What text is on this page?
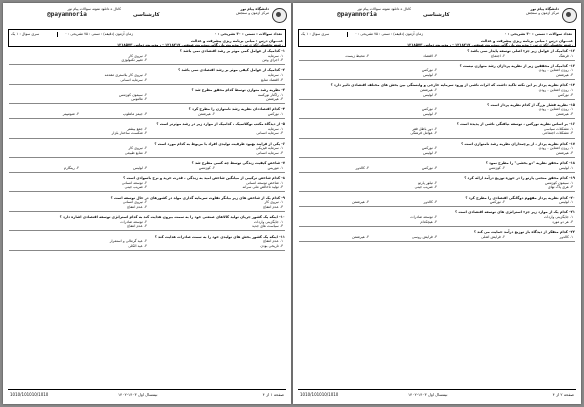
کانال ه دانلود نمونه سوالات پیام نور
@payamnoria	کارشناسی
دانشگاه پیام نور
مرکز آزمون و سنجش
سری سوال : ۱ یک	زمان آزمون (دقیقه) : تستی : ۷۵ تشریحی : ۰	تعداد سوالات : تستی : ۳۰ تشریحی : ۰
عنـــوان درس : مبانی برنامه ریزی پیشرفت و عدالت
رشته تحصیلی/کد درس : مدیریت بازرگانی،مدیریت صنعتی ۱۲۱۸۲۱۷ - ، مدیریت دولتی ۱۲۱۸۵۷۳
۱- کدامیک از عوامل کمی موثر بر رشد اقتصادی نمی باشد ؟
۱. سرمایه
۲. نیروی کار
۳. اجرای ومن
۴. تغییر تکنولوژی
۲- کدامیک از عوامل کیفی موثر بر رشد اقتصادی نمی باشد ؟
۱. سرمایه
۲. نیروی کار بلاستری مقدمه
۳. اقتصاد منابع
۴. سرمایه انسانی
۳- نظریه رشد متوازن توسط کدام محقق مطرح شد ؟
۱. راگنار نورکسه
۲. سیمون کوزنتس
۳. هیرشمن
۴. مالتوس
۴- کدام اقتصاددان نظریه رشد نامتوازن را مطرح کرد ؟
۱. نورکس
۲. هیرشمن
۳. جیمز ماهلوپ
۴. شومپیتر
۵- از دیدگاه مکتب نوکلاسیک ، کدامیک از موارد زیر در رشد موثرتر است ؟
۱. سرمایه
۲. جمع بیشتر
۳. سرمایه انسانی
۴. شکست ساختار بلزار
۶- یکی از فرایند بهبود ظرفیت تولیدی افراد با مربوط به کدام مورد است ؟
۱. سرمایه فیزیکی
۲. نیروی کار
۳. سرمایه انسانی
۴. منابع طبیعی
۷- شاخص کیفیت زندگی توسط چه کسی مطرح شد ؟
۱. موریس
۲. کوزنتس
۳. لوئیس
۴. رینگارم
۸- کدام شاخص ترکیبی از میانگین شاخص امید به زندگی ، قدرت خرید و نرخ باسوادی است ؟
۱. شاخص توسعه انسانی
۲. توسعه انسانی
۳. تولید ناخالص ملی سرانه
۴. ضریب جینی
۹- کدام یک از شاخص های زیر بیانگر تفاوت سرمایه گذاری مولد در کشورهای در حال توسعه است ؟
۱. نیروی کار
۲. نیروی انسانی
۳. عدم انتفاع
۴. عدم انتفاع
۱۰- اینکه یک کشور جریان تولید کالاهای صنعتی خود را به سمت بیرون هدایت کند به کدام استراتژی توسعه اقتصادی اشاره دارد ؟
۱. جایگزینی واردات
۲. توسعه صادرات
۳. سیاست های جدید
۴. عدم انتفاع
۱۱- اینکه یک کشور بخش های تولیدی خود را به سمت صادرات هدایت کند ؟
۱. عدم انتفاع
۲. عید گرمالی و استمرار
۳. تاریخی بودن
۴. عید الکلی
1010/101010/1010	نیمسال اول ۱۴۰۳-۱۴۰۲	صفحه ۱ از ۴
کانال ه دانلود نمونه سوالات پیام نور
@payamnoria	کارشناسی
دانشگاه پیام نور
مرکز آزمون و سنجش
سری سوال : ۱ یک	زمان آزمون (دقیقه) : تستی : ۷۵ تشریحی : ۰	تعداد سوالات : تستی : ۳۰ تشریحی : ۰
عنـــوان درس : مبانی برنامه ریزی پیشرفت و عدالت
رشته تحصیلی/کد درس : مدیریت بازرگانی،مدیریت صنعتی ۱۲۱۸۲۱۷ - ، مدیریت دولتی ۱۲۱۸۵۷۳
۱۲- کدامیک از عوامل زیر جزء اصلی توسعه پایدار نمی باشد ؟
۱. فرهنگ
۲. اجتماع
۳. اقتصاد
۴. محیط زیست
۱۳- کدامیک از محققین زیر از نظریه پردازان رشد متوازن نیست ؟
۱. روزن اشتاین - رودن
۲. نورکس
۳. هیرشمن
۴. لوئیس
۱۴- کدام نظریه پرداز بر این نکته تاکید داشت که اثرات ناشی از ورود سرمایه خارجی و وابستگی بین بخش های مختلف اقتصادی تاثیر دارد ؟
۱. روزن اشتاین - رودن
۲. هیرشمن
۳. نورکس
۴. لوئیس
۱۵- نظریه فشار بزرگ از کدام نظریه پرداز است ؟
۱. روزن اشتاین - رودن
۲. نورکس
۳. هیرشمن
۴. لوئیس
۱۶- بر اساس نظریه نورکس ، توسعه نیافتگی ناشی از پدیده است ؟
۱. مشکلات سیاسی
۲. دور باطل فقر
۳. مشکلات اجتماعی
۴. عوامل فرهنگی
۱۷- کدام نظریه پرداز ، از پرچمداران نظریه رشد نامتوازن است ؟
۱. روزن اشتاین - رودن
۲. نورکس
۳. هیرشمن
۴. لوئیس
۱۸- کدام محقق نظریه "دو بخشی" را مطرح نمود ؟
۱. لوئیس
۲. کوزنتس
۳. نورکس
۴. کالدور
۱۹- کدام محقق منحنی پارتو را در حوزه توزیع درآمد ارائه کرد ؟
۱. سیمون کوزنتس
۲. تیلور پارتو
۳. هری پاگ نهای
۴. ضریب جینی
۲۰- کدام نظریه پرداز مفهوم دوگانگی اقتصادی را مطرح کرد ؟
۱. لوئیس
۲. نورکس
۳. کالدور
۴. هیرشمن
۲۱- کدام یک از موارد زیر جزء استراتژی های توسعه اقتصادی است ؟
۱. جایگزینی واردات
۲. توسعه صادرات
۳. هر دو مورد
۴. هیچکدام
۲۲- کدام متفکر از دیدگاه باز توزیع درآمد حمایت می کند ؟
۱. کالدور
۲. فرایش اشلی
۳. فرایش روسی
۴. هیرشمن
1010/101010/1010	نیمسال اول ۱۴۰۳-۱۴۰۲	صفحه ۲ از ۴
